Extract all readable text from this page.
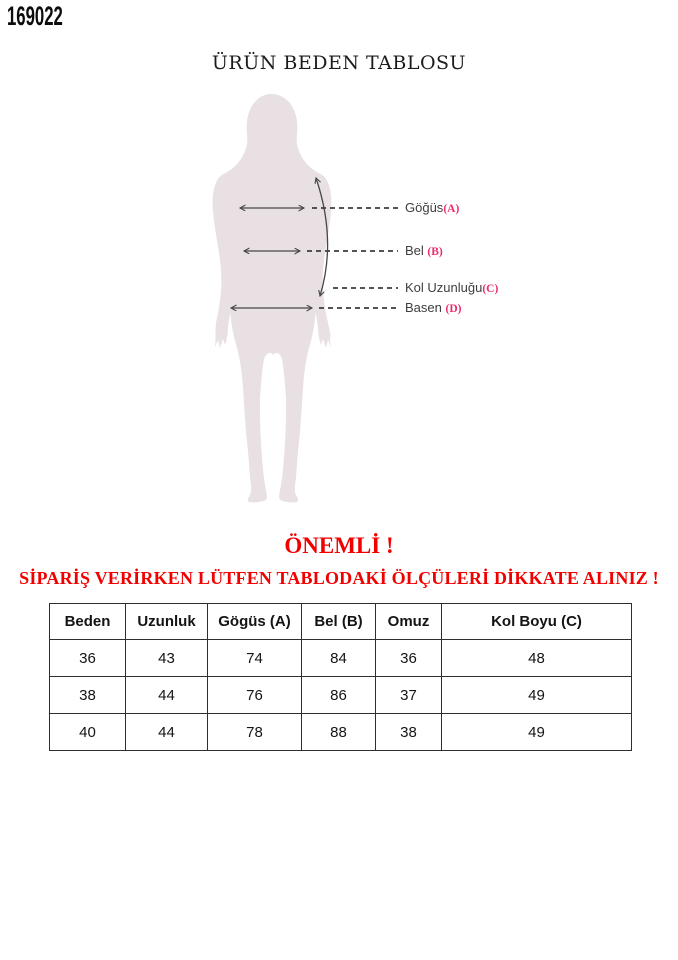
169022
ÜRÜN BEDEN TABLOSU
Göğüs(A)
Bel (B)
Kol Uzunluğu(C)
Basen (D)
ÖNEMLİ !
SİPARİŞ VERİRKEN LÜTFEN TABLODAKİ ÖLÇÜLERİ DİKKATE ALINIZ !
Beden	Uzunluk	Gögüs (A)	Bel (B)	Omuz	Kol Boyu (C)
36	43	74	84	36	48
38	44	76	86	37	49
40	44	78	88	38	49
